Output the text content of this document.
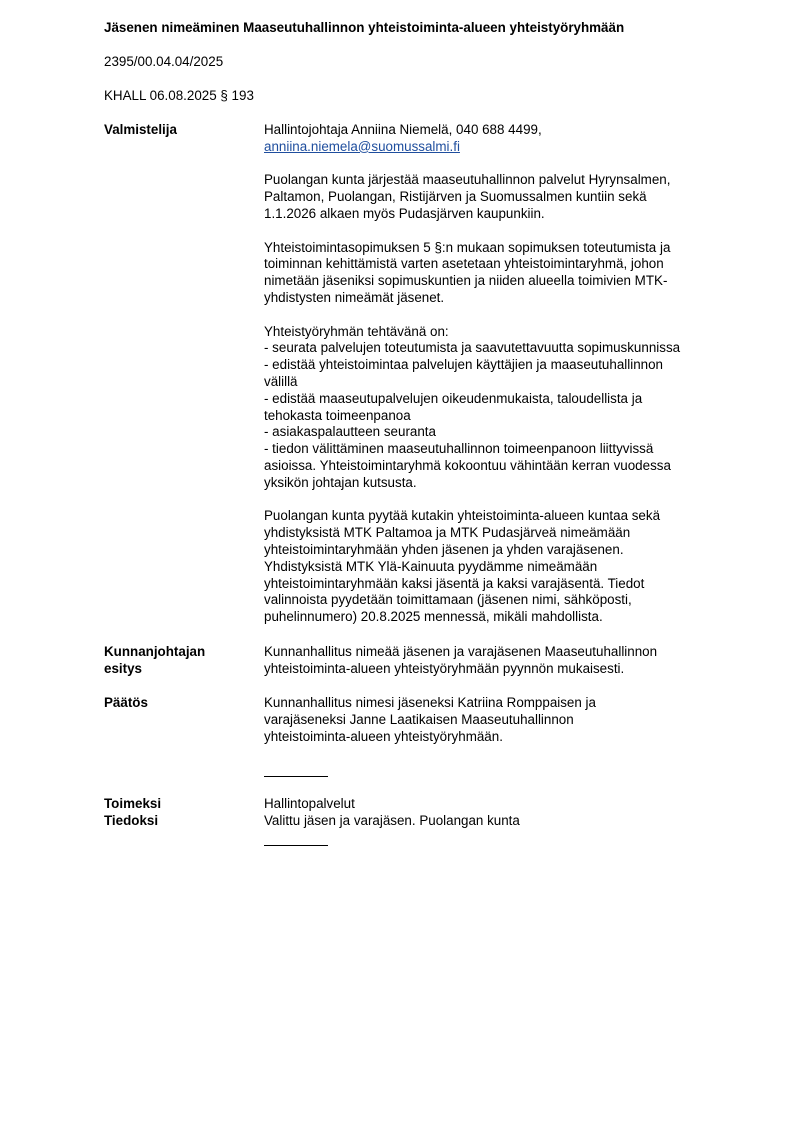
Jäsenen nimeäminen Maaseutuhallinnon yhteistoiminta-alueen yhteistyöryhmään
2395/00.04.04/2025
KHALL 06.08.2025 § 193
Valmistelija	Hallintojohtaja Anniina Niemelä, 040 688 4499,
anniina.niemela@suomussalmi.fi

Puolangan kunta järjestää maaseutuhallinnon palvelut Hyrynsalmen,
Paltamon, Puolangan, Ristijärven ja Suomussalmen kuntiin sekä
1.1.2026 alkaen myös Pudasjärven kaupunkiin.

Yhteistoimintasopimuksen 5 §:n mukaan sopimuksen toteutumista ja
toiminnan kehittämistä varten asetetaan yhteistoimintaryhmä, johon
nimetään jäseniksi sopimuskuntien ja niiden alueella toimivien MTK-
yhdistysten nimeämät jäsenet.

Yhteistyöryhmän tehtävänä on:
- seurata palvelujen toteutumista ja saavutettavuutta sopimuskunnissa
- edistää yhteistoimintaa palvelujen käyttäjien ja maaseutuhallinnon
välillä
- edistää maaseutupalvelujen oikeudenmukaista, taloudellista ja
tehokasta toimeenpanoa
- asiakaspalautteen seuranta
- tiedon välittäminen maaseutuhallinnon toimeenpanoon liittyvissä
asioissa. Yhteistoimintaryhmä kokoontuu vähintään kerran vuodessa
yksikön johtajan kutsusta.

Puolangan kunta pyytää kutakin yhteistoiminta-alueen kuntaa sekä
yhdistyksistä MTK Paltamoa ja MTK Pudasjärveä nimeämään
yhteistoimintaryhmään yhden jäsenen ja yhden varajäsenen.
Yhdistyksistä MTK Ylä-Kainuuta pyydämme nimeämään
yhteistoimintaryhmään kaksi jäsentä ja kaksi varajäsentä. Tiedot
valinnoista pyydetään toimittamaan (jäsenen nimi, sähköposti,
puhelinnumero) 20.8.2025 mennessä, mikäli mahdollista.

Kunnanjohtajan
esitys
Kunnanhallitus nimeää jäsenen ja varajäsenen Maaseutuhallinnon
yhteistoiminta-alueen yhteistyöryhmään pyynnön mukaisesti.
Päätös	Kunnanhallitus nimesi jäseneksi Katriina Romppaisen ja
varajäseneksi Janne Laatikaisen Maaseutuhallinnon
yhteistoiminta-alueen yhteistyöryhmään.
Toimeksi
Tiedoksi
Hallintopalvelut
Valittu jäsen ja varajäsen. Puolangan kunta
